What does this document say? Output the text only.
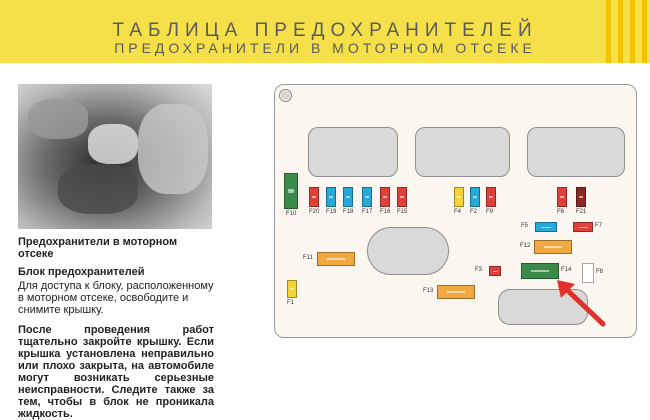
ТАБЛИЦА ПРЕДОХРАНИТЕЛЕЙ
ПРЕДОХРАНИТЕЛИ В МОТОРНОМ ОТСЕКЕ
Предохранители в моторном отсеке
Блок предохранителей
Для доступа к блоку, расположенному в моторном отсеке, освободите и снимите крышку.
После проведения работ тщательно закройте крышку. Если крышка установлена неправильно или плохо закрыта, на автомобиле могут возникать серьезные неисправности. Следите также за тем, чтобы в блок не проникала жидкость.
F10 F20 F19 F18 F17 F16 F15	F4 F2 F9	F6 F21
F5	F7
F12
F11
F3	F14	F8
F13
F1
